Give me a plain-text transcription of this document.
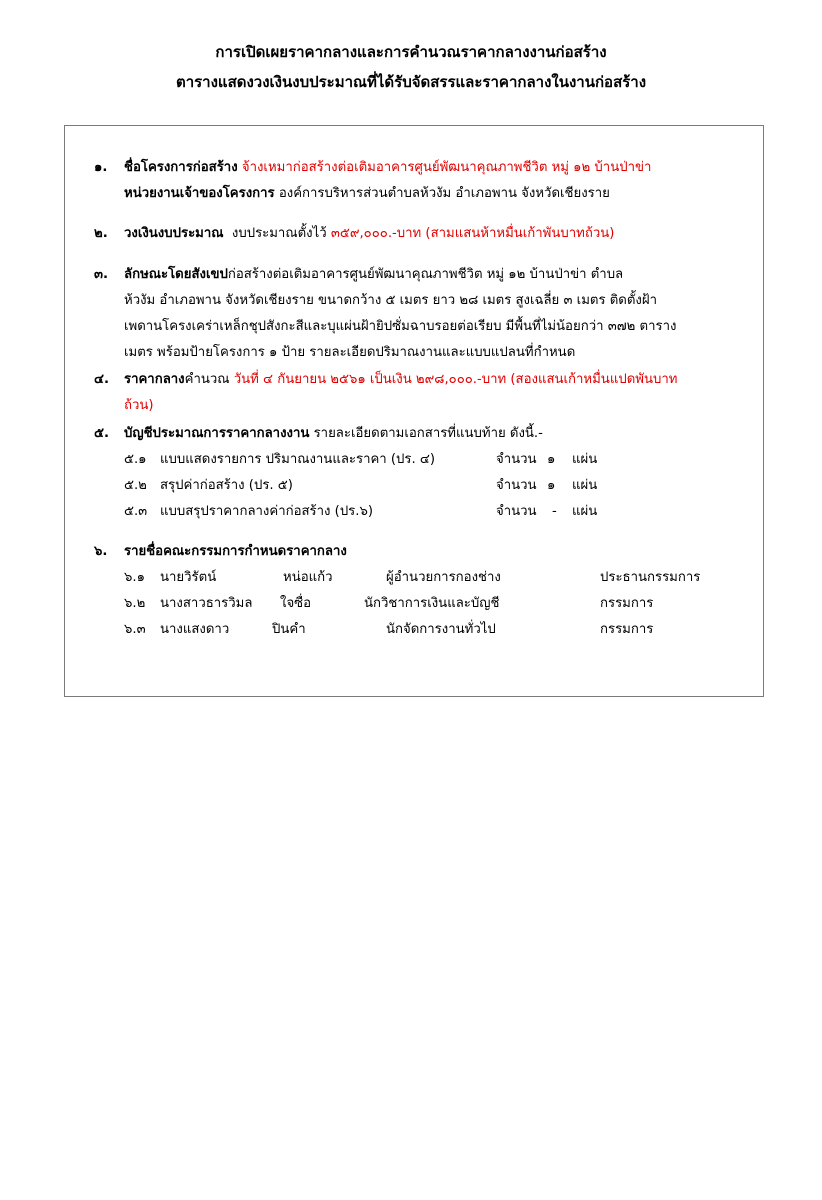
การเปิดเผยราคากลางและการคำนวณราคากลางงานก่อสร้าง
ตารางแสดงวงเงินงบประมาณที่ได้รับจัดสรรและราคากลางในงานก่อสร้าง
๑. ชื่อโครงการก่อสร้าง จ้างเหมาก่อสร้างต่อเติมอาคารศูนย์พัฒนาคุณภาพชีวิต หมู่ ๑๒ บ้านป่าข่า
หน่วยงานเจ้าของโครงการ องค์การบริหารส่วนตำบลห้วงัม อำเภอพาน จังหวัดเชียงราย
๒. วงเงินงบประมาณ งบประมาณตั้งไว้ ๓๕๙,๐๐๐.-บาท (สามแสนห้าหมื่นเก้าพันบาทถ้วน)
๓. ลักษณะโดยสังเขปก่อสร้างต่อเติมอาคารศูนย์พัฒนาคุณภาพชีวิต หมู่ ๑๒ บ้านป่าข่า ตำบล
ห้วงัม อำเภอพาน จังหวัดเชียงราย ขนาดกว้าง ๕ เมตร ยาว ๒๘ เมตร สูงเฉลี่ย ๓ เมตร ติดตั้งฝ้า
เพดานโครงเคร่าเหล็กชุปสังกะสีและบุแผ่นฝ้ายิปซั่มฉาบรอยต่อเรียบ มีพื้นที่ไม่น้อยกว่า ๓๗๒ ตาราง
เมตร พร้อมป้ายโครงการ ๑ ป้าย รายละเอียดปริมาณงานและแบบแปลนที่กำหนด
๔. ราคากลางคำนวณ วันที่ ๔ กันยายน ๒๕๖๑ เป็นเงิน ๒๙๘,๐๐๐.-บาท (สองแสนเก้าหมื่นแปดพันบาท
ถ้วน)
๕. บัญชีประมาณการราคากลางงาน รายละเอียดตามเอกสารที่แนบท้าย ดังนี้.-
๕.๑ แบบแสดงรายการ ปริมาณงานและราคา (ปร. ๔)	จำนวน ๑ แผ่น
๕.๒ สรุปค่าก่อสร้าง (ปร. ๕)	จำนวน ๑ แผ่น
๕.๓ แบบสรุปราคากลางค่าก่อสร้าง (ปร.๖)	จำนวน - แผ่น
๖. รายชื่อคณะกรรมการกำหนดราคากลาง
๖.๑ นายวิรัตน์	หน่อแก้ว	ผู้อำนวยการกองช่าง	ประธานกรรมการ
๖.๒ นางสาวธารวิมล ใจซื่อ	นักวิชาการเงินและบัญชี	กรรมการ
๖.๓ นางแสงดาว	ปินคำ	นักจัดการงานทั่วไป	กรรมการ
